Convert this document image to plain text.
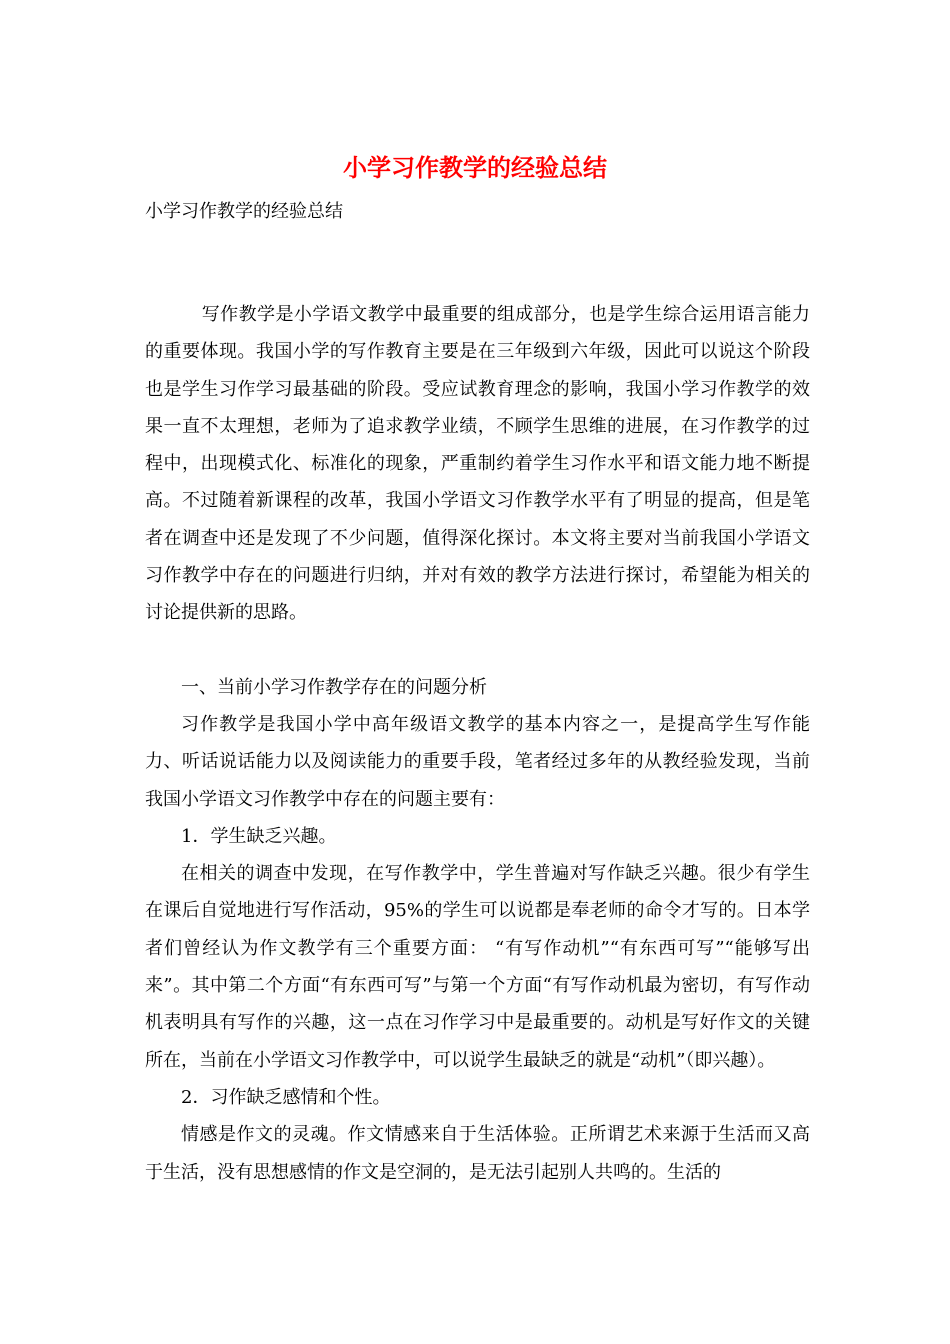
小学习作教学的经验总结

小学习作教学的经验总结

写作教学是小学语文教学中最重要的组成部分，也是学生综合运用语言能力的重要体现。我国小学的写作教育主要是在三年级到六年级，因此可以说这个阶段也是学生习作学习最基础的阶段。受应试教育理念的影响，我国小学习作教学的效果一直不太理想，老师为了追求教学业绩，不顾学生思维的进展，在习作教学的过程中，出现模式化、标准化的现象，严重制约着学生习作水平和语文能力地不断提高。不过随着新课程的改革，我国小学语文习作教学水平有了明显的提高，但是笔者在调查中还是发现了不少问题，值得深化探讨。本文将主要对当前我国小学语文习作教学中存在的问题进行归纳，并对有效的教学方法进行探讨，希望能为相关的讨论提供新的思路。

一、当前小学习作教学存在的问题分析

习作教学是我国小学中高年级语文教学的基本内容之一，是提高学生写作能力、听话说话能力以及阅读能力的重要手段，笔者经过多年的从教经验发现，当前我国小学语文习作教学中存在的问题主要有：

1．学生缺乏兴趣。

在相关的调查中发现，在写作教学中，学生普遍对写作缺乏兴趣。很少有学生在课后自觉地进行写作活动，95%的学生可以说都是奉老师的命令才写的。日本学者们曾经认为作文教学有三个重要方面： “有写作动机”“有东西可写”“能够写出来”。其中第二个方面“有东西可写”与第一个方面“有写作动机最为密切，有写作动机表明具有写作的兴趣，这一点在习作学习中是最重要的。动机是写好作文的关键所在，当前在小学语文习作教学中，可以说学生最缺乏的就是“动机”（即兴趣）。

2．习作缺乏感情和个性。

情感是作文的灵魂。作文情感来自于生活体验。正所谓艺术来源于生活而又高于生活，没有思想感情的作文是空洞的，是无法引起别人共鸣的。生活的
